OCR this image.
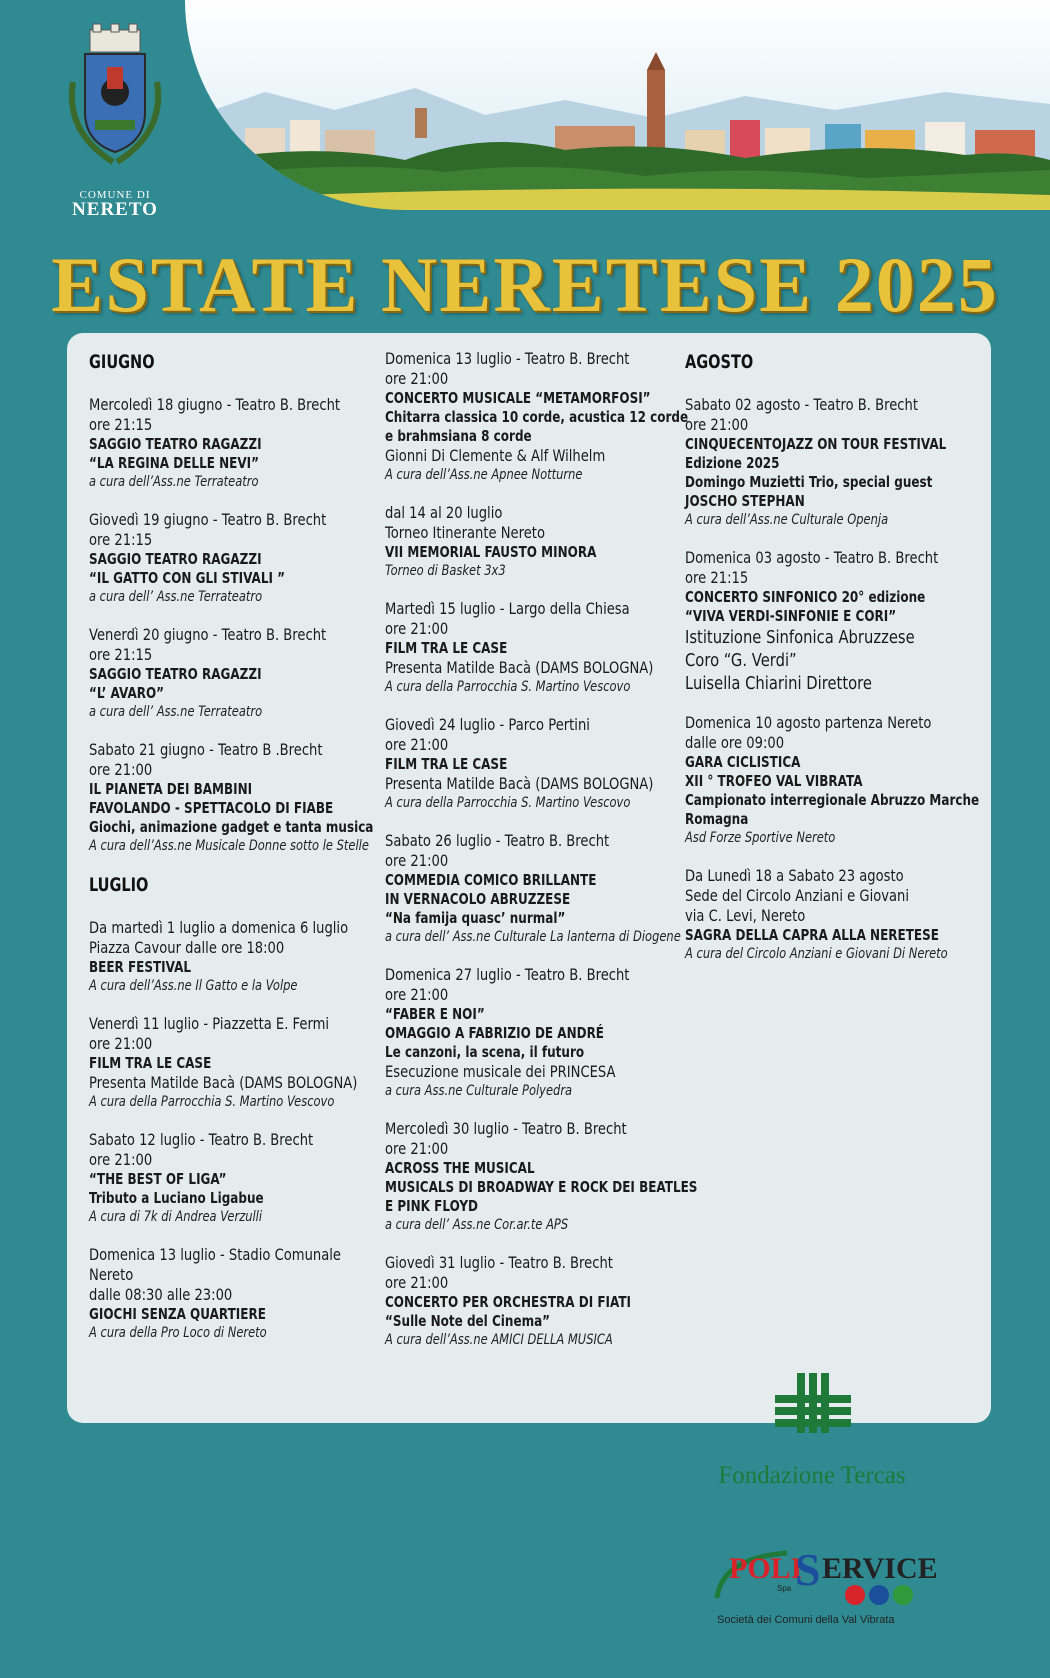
COMUNE DI
NERETO
ESTATE NERETESE 2025
GIUGNO
Mercoledì 18 giugno - Teatro B. Brecht
ore 21:15
SAGGIO TEATRO RAGAZZI
“LA REGINA DELLE NEVI”
a cura dell’Ass.ne Terrateatro
Giovedì 19 giugno - Teatro B. Brecht
ore 21:15
SAGGIO TEATRO RAGAZZI
“IL GATTO CON GLI STIVALI ”
a cura dell’ Ass.ne Terrateatro
Venerdì 20 giugno - Teatro B. Brecht
ore 21:15
SAGGIO TEATRO RAGAZZI
“L’ AVARO”
a cura dell’ Ass.ne Terrateatro
Sabato 21 giugno - Teatro B .Brecht
ore 21:00
IL PIANETA DEI BAMBINI
FAVOLANDO - SPETTACOLO DI FIABE
Giochi, animazione gadget e tanta musica
A cura dell’Ass.ne Musicale Donne sotto le Stelle
LUGLIO
Da martedì 1 luglio a domenica 6 luglio
Piazza Cavour dalle ore 18:00
BEER FESTIVAL
A cura dell’Ass.ne Il Gatto e la Volpe
Venerdì 11 luglio - Piazzetta E. Fermi
ore 21:00
FILM TRA LE CASE
Presenta Matilde Bacà (DAMS BOLOGNA)
A cura della Parrocchia S. Martino Vescovo
Sabato 12 luglio - Teatro B. Brecht
ore 21:00
“THE BEST OF LIGA”
Tributo a Luciano Ligabue
A cura di 7k di Andrea Verzulli
Domenica 13 luglio - Stadio Comunale
Nereto
dalle 08:30 alle 23:00
GIOCHI SENZA QUARTIERE
A cura della Pro Loco di Nereto
Domenica 13 luglio - Teatro B. Brecht
ore 21:00
CONCERTO MUSICALE “METAMORFOSI”
Chitarra classica 10 corde, acustica 12 corde
e brahmsiana 8 corde
Gionni Di Clemente & Alf Wilhelm
A cura dell’Ass.ne Apnee Notturne
dal 14 al 20 luglio
Torneo Itinerante Nereto
VII MEMORIAL FAUSTO MINORA
Torneo di Basket 3x3
Martedì 15 luglio - Largo della Chiesa
ore 21:00
FILM TRA LE CASE
Presenta Matilde Bacà (DAMS BOLOGNA)
A cura della Parrocchia S. Martino Vescovo
Giovedì 24 luglio - Parco Pertini
ore 21:00
FILM TRA LE CASE
Presenta Matilde Bacà (DAMS BOLOGNA)
A cura della Parrocchia S. Martino Vescovo
Sabato 26 luglio - Teatro B. Brecht
ore 21:00
COMMEDIA COMICO BRILLANTE
IN VERNACOLO ABRUZZESE
“Na famija quasc’ nurmal”
a cura dell’ Ass.ne Culturale La lanterna di Diogene
Domenica 27 luglio - Teatro B. Brecht
ore 21:00
“FABER E NOI”
OMAGGIO A FABRIZIO DE ANDRÉ
Le canzoni, la scena, il futuro
Esecuzione musicale dei PRINCESA
a cura Ass.ne Culturale Polyedra
Mercoledì 30 luglio - Teatro B. Brecht
ore 21:00
ACROSS THE MUSICAL
MUSICALS DI BROADWAY E ROCK DEI BEATLES
E PINK FLOYD
a cura dell’ Ass.ne Cor.ar.te APS
Giovedì 31 luglio - Teatro B. Brecht
ore 21:00
CONCERTO PER ORCHESTRA DI FIATI
“Sulle Note del Cinema”
A cura dell’Ass.ne AMICI DELLA MUSICA
AGOSTO
Sabato 02 agosto - Teatro B. Brecht
ore 21:00
CINQUECENTOJAZZ ON TOUR FESTIVAL
Edizione 2025
Domingo Muzietti Trio, special guest
JOSCHO STEPHAN
A cura dell’Ass.ne Culturale Openja
Domenica 03 agosto - Teatro B. Brecht
ore 21:15
CONCERTO SINFONICO 20° edizione
“VIVA VERDI-SINFONIE E CORI”
Istituzione Sinfonica Abruzzese
Coro “G. Verdi”
Luisella Chiarini Direttore
Domenica 10 agosto partenza Nereto
dalle ore 09:00
GARA CICLISTICA
XII ° TROFEO VAL VIBRATA
Campionato interregionale Abruzzo Marche
Romagna
Asd Forze Sportive Nereto
Da Lunedì 18 a Sabato 23 agosto
Sede del Circolo Anziani e Giovani
via C. Levi, Nereto
SAGRA DELLA CAPRA ALLA NERETESE
A cura del Circolo Anziani e Giovani Di Nereto
Fondazione Tercas
POLI
S ERVICE
Spa
Società dei Comuni della Val Vibrata
